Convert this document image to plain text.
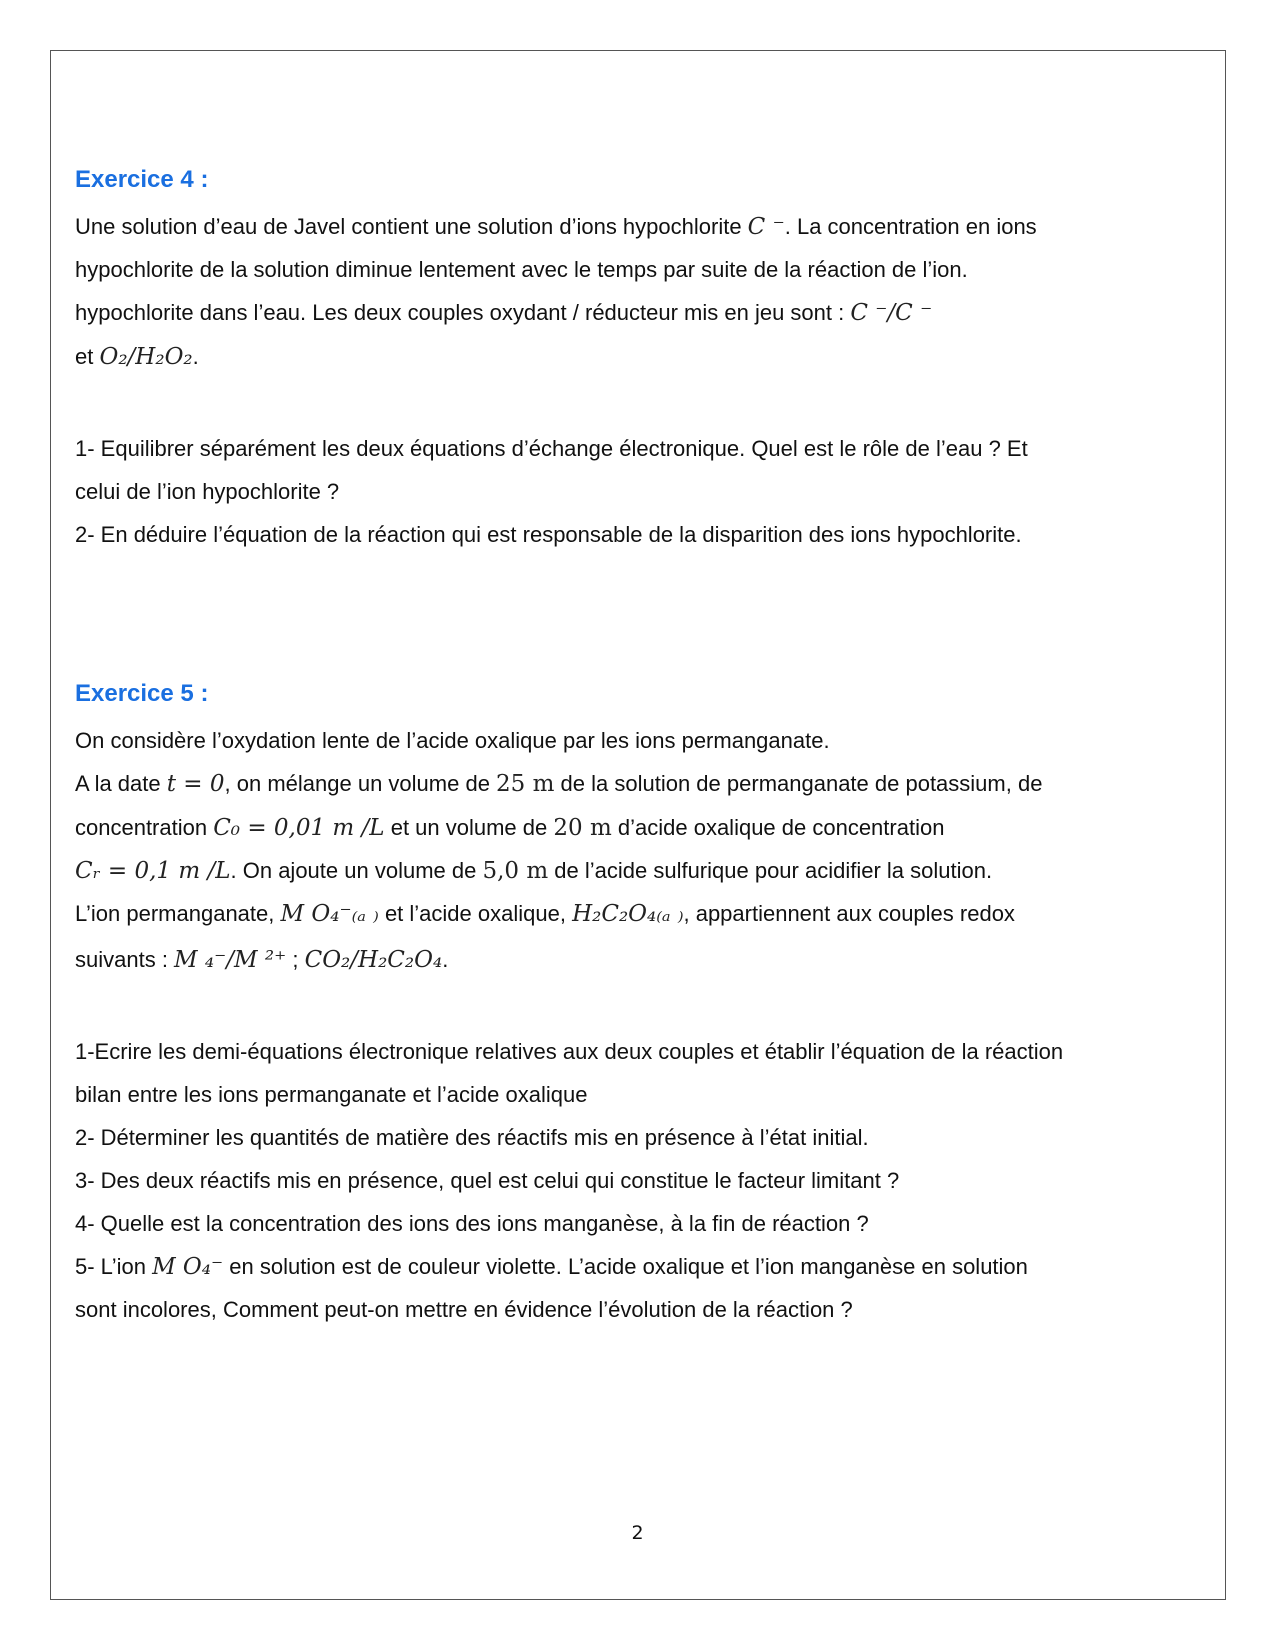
Exercice 4 :
Une solution d’eau de Javel contient une solution d’ions hypochlorite C ⁻. La concentration en ions
hypochlorite de la solution diminue lentement avec le temps par suite de la réaction de l’ion.
hypochlorite dans l’eau. Les deux couples oxydant / réducteur mis en jeu sont : C ⁻/C ⁻
et O₂/H₂O₂.
1- Equilibrer séparément les deux équations d’échange électronique. Quel est le rôle de l’eau ? Et
celui de l’ion hypochlorite ?
2- En déduire l’équation de la réaction qui est responsable de la disparition des ions hypochlorite.
Exercice 5 :
On considère l’oxydation lente de l’acide oxalique par les ions permanganate.
A la date t = 0, on mélange un volume de 25 m de la solution de permanganate de potassium, de
concentration C₀ = 0,01 m /L et un volume de 20 m d’acide oxalique de concentration
Cᵣ = 0,1 m /L. On ajoute un volume de 5,0 m de l’acide sulfurique pour acidifier la solution.
L’ion permanganate, M O₄⁻₍ₐ ₎ et l’acide oxalique, H₂C₂O₄₍ₐ ₎, appartiennent aux couples redox
suivants : M ₄⁻/M ²⁺ ; CO₂/H₂C₂O₄.
1-Ecrire les demi-équations électronique relatives aux deux couples et établir l’équation de la réaction
bilan entre les ions permanganate et l’acide oxalique
2- Déterminer les quantités de matière des réactifs mis en présence à l’état initial.
3- Des deux réactifs mis en présence, quel est celui qui constitue le facteur limitant ?
4- Quelle est la concentration des ions des ions manganèse, à la fin de réaction ?
5- L’ion M O₄⁻ en solution est de couleur violette. L’acide oxalique et l’ion manganèse en solution
sont incolores, Comment peut-on mettre en évidence l’évolution de la réaction ?
2
